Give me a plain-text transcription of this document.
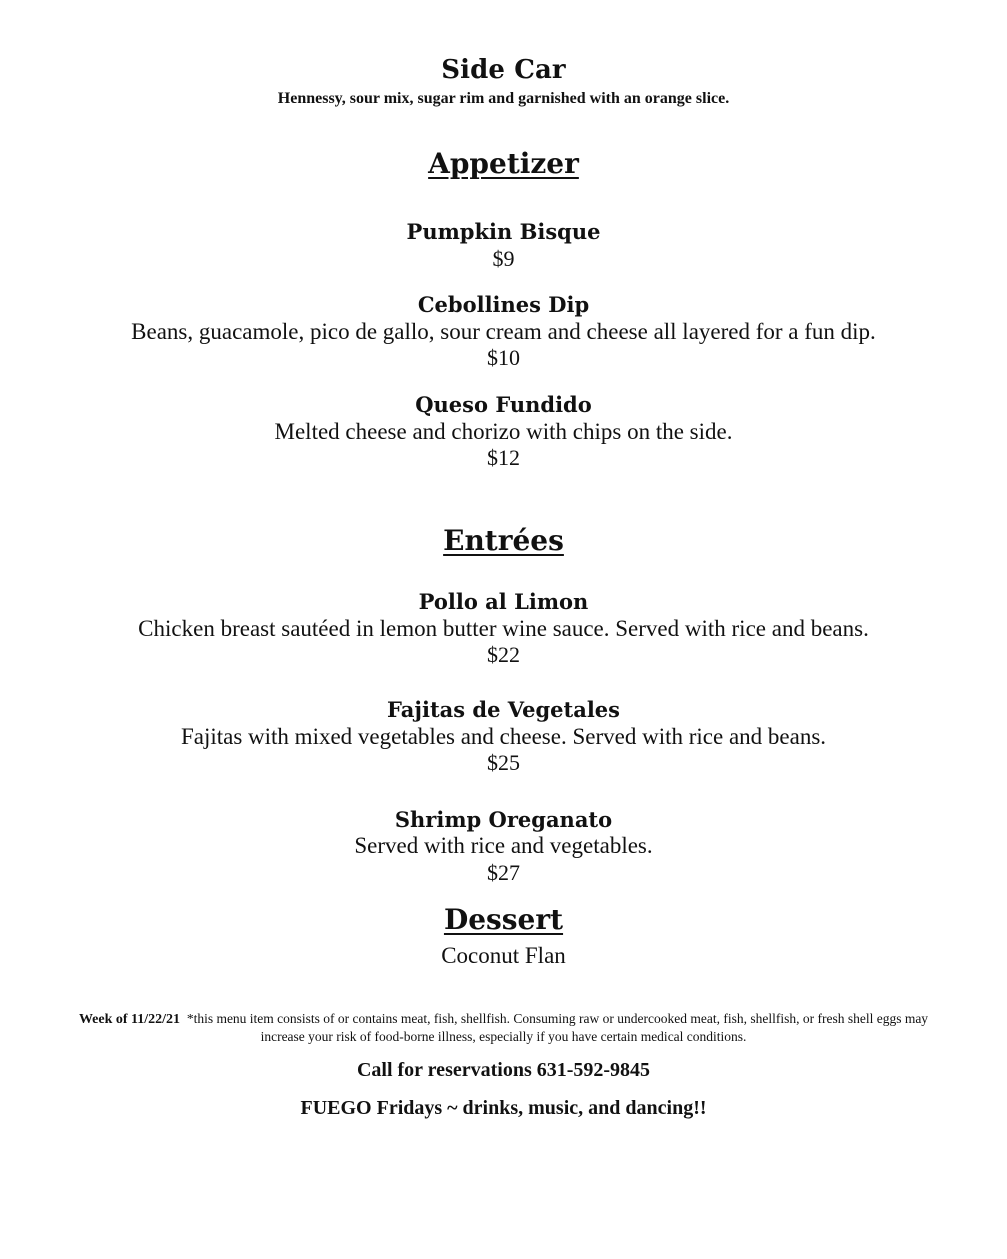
Side Car
Hennessy, sour mix, sugar rim and garnished with an orange slice.
Appetizer
Pumpkin Bisque
$9
Cebollines Dip
Beans, guacamole, pico de gallo, sour cream and cheese all layered for a fun dip.
$10
Queso Fundido
Melted cheese and chorizo with chips on the side.
$12
Entrées
Pollo al Limon
Chicken breast sautéed in lemon butter wine sauce. Served with rice and beans.
$22
Fajitas de Vegetales
Fajitas with mixed vegetables and cheese. Served with rice and beans.
$25
Shrimp Oreganato
Served with rice and vegetables.
$27
Dessert
Coconut Flan
Week of 11/22/21 *this menu item consists of or contains meat, fish, shellfish. Consuming raw or undercooked meat, fish, shellfish, or fresh shell eggs may increase your risk of food-borne illness, especially if you have certain medical conditions.
Call for reservations 631-592-9845
FUEGO Fridays ~ drinks, music, and dancing!!
